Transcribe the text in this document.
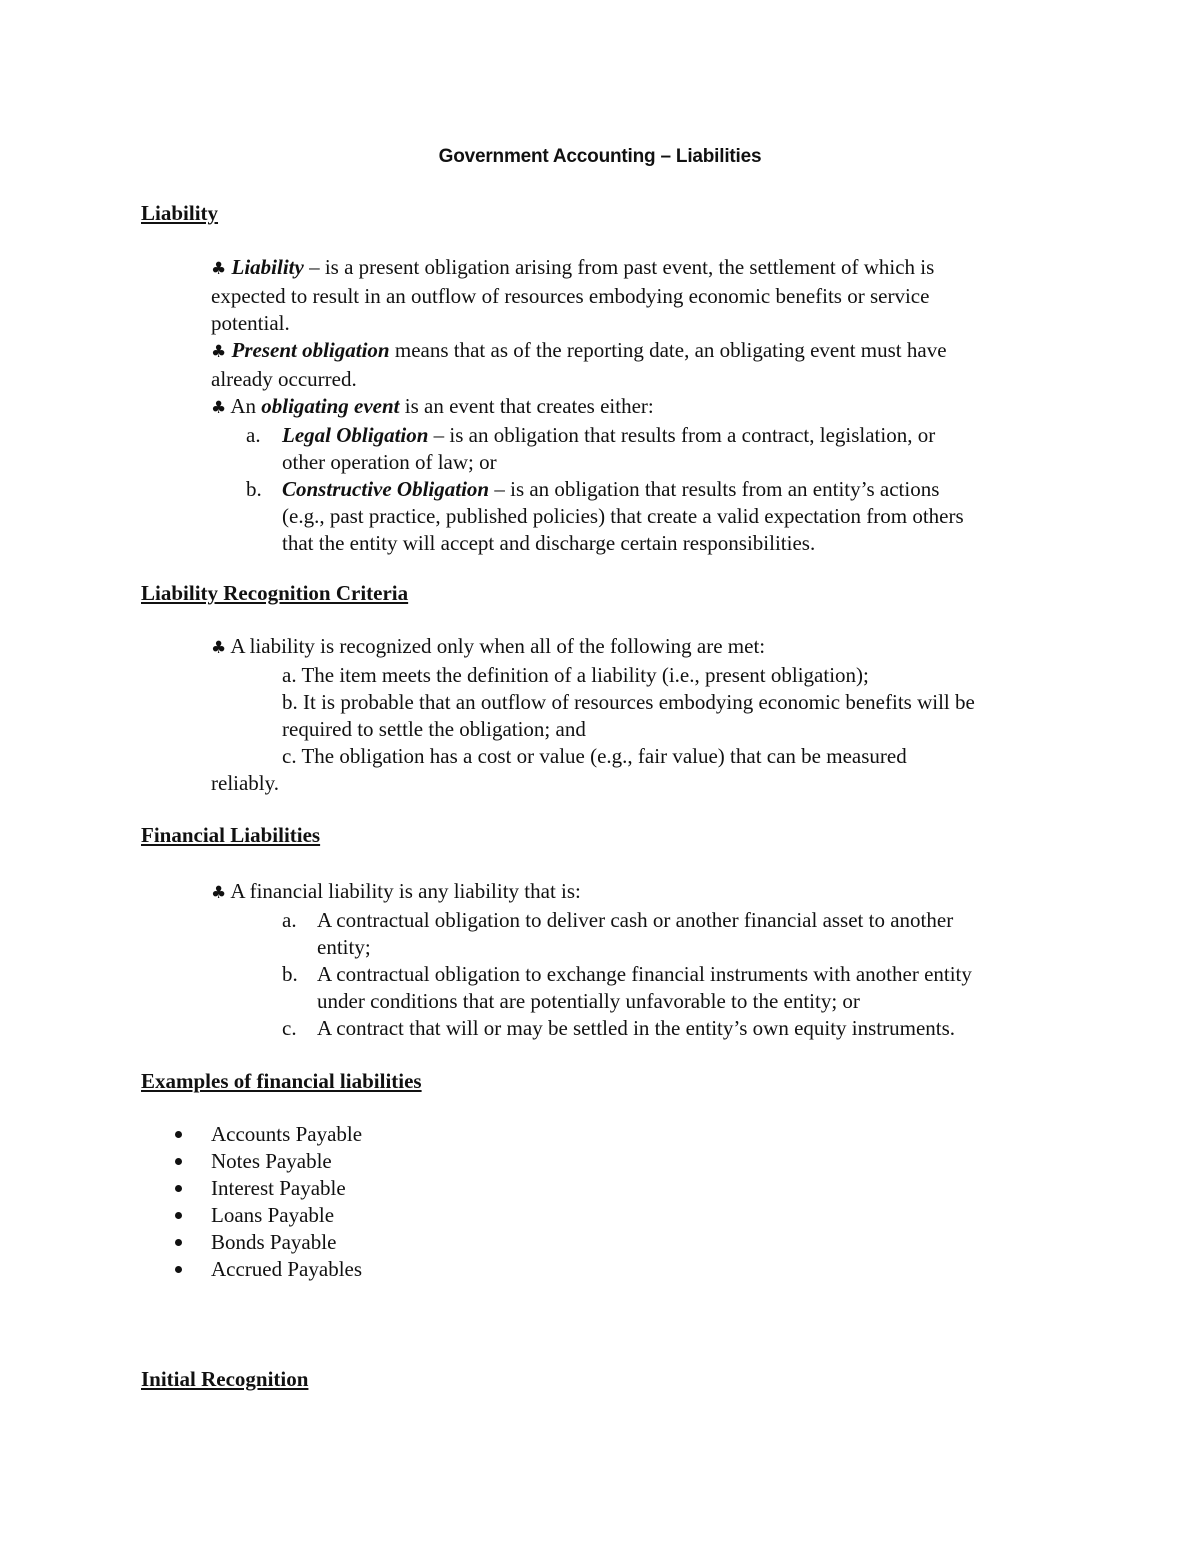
Government Accounting – Liabilities
Liability
♣ Liability – is a present obligation arising from past event, the settlement of which is
expected to result in an outflow of resources embodying economic benefits or service
potential.
♣ Present obligation means that as of the reporting date, an obligating event must have
already occurred.
♣ An obligating event is an event that creates either:
a. Legal Obligation – is an obligation that results from a contract, legislation, or
other operation of law; or
b. Constructive Obligation – is an obligation that results from an entity’s actions
(e.g., past practice, published policies) that create a valid expectation from others
that the entity will accept and discharge certain responsibilities.
Liability Recognition Criteria
♣ A liability is recognized only when all of the following are met:
a. The item meets the definition of a liability (i.e., present obligation);
b. It is probable that an outflow of resources embodying economic benefits will be
required to settle the obligation; and
c. The obligation has a cost or value (e.g., fair value) that can be measured
reliably.
Financial Liabilities
♣ A financial liability is any liability that is:
a. A contractual obligation to deliver cash or another financial asset to another
entity;
b. A contractual obligation to exchange financial instruments with another entity
under conditions that are potentially unfavorable to the entity; or
c. A contract that will or may be settled in the entity’s own equity instruments.
Examples of financial liabilities
Accounts Payable
Notes Payable
Interest Payable
Loans Payable
Bonds Payable
Accrued Payables
Initial Recognition
